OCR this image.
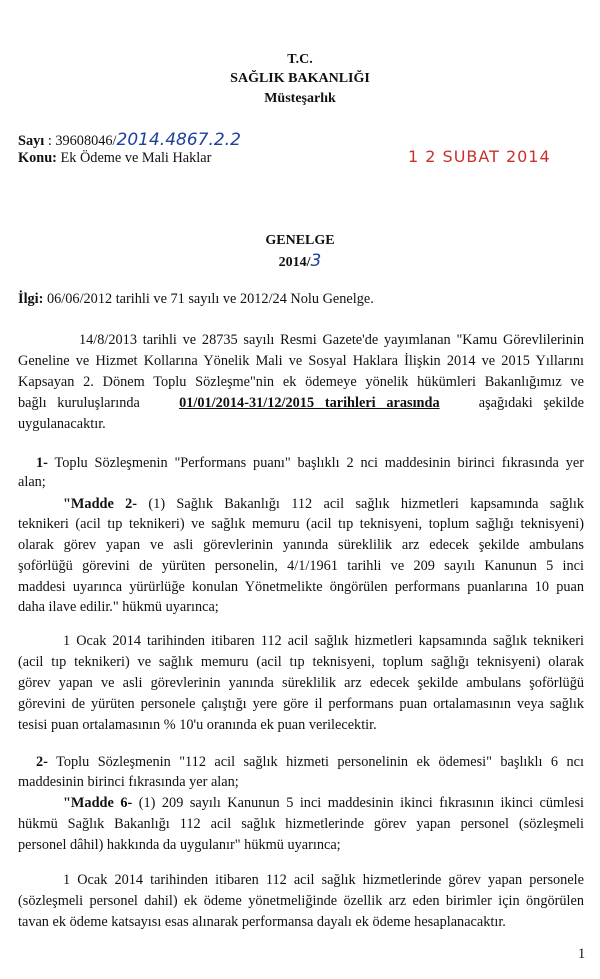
T.C.
SAĞLIK BAKANLIĞI
Müsteşarlık
Sayı : 39608046/2014.4867.2.2
Konu: Ek Ödeme ve Mali Haklar	1 2 SUBAT 2014
GENELGE
2014/3
İlgi: 06/06/2012 tarihli ve 71 sayılı ve 2012/24 Nolu Genelge.
14/8/2013 tarihli ve 28735 sayılı Resmi Gazete'de yayımlanan "Kamu Görevlilerinin
Geneline ve Hizmet Kollarına Yönelik Mali ve Sosyal Haklara İlişkin 2014 ve 2015 Yıllarını
Kapsayan 2. Dönem Toplu Sözleşme"nin ek ödemeye yönelik hükümleri Bakanlığımız ve
bağlı   kuruluşlarında	01/01/2014-31/12/2015   tarihleri   arasında	aşağıdaki   şekilde
uygulanacaktır.
1- Toplu Sözleşmenin "Performans puanı" başlıklı 2 nci maddesinin birinci fıkrasında yer
alan;
"Madde 2- (1) Sağlık Bakanlığı 112 acil sağlık hizmetleri kapsamında sağlık
teknikeri (acil tıp teknikeri) ve sağlık memuru (acil tıp teknisyeni, toplum sağlığı teknisyeni)
olarak görev yapan ve asli görevlerinin yanında süreklilik arz edecek şekilde ambulans
şoförlüğü görevini de yürüten personelin, 4/1/1961 tarihli ve 209 sayılı Kanunun 5 inci
maddesi uyarınca yürürlüğe konulan Yönetmelikte öngörülen performans puanlarına 10 puan
daha ilave edilir." hükmü uyarınca;
1 Ocak 2014 tarihinden itibaren 112 acil sağlık hizmetleri kapsamında sağlık teknikeri
(acil tıp teknikeri) ve sağlık memuru (acil tıp teknisyeni, toplum sağlığı teknisyeni) olarak
görev yapan ve asli görevlerinin yanında süreklilik arz edecek şekilde ambulans şoförlüğü
görevini de yürüten personele çalıştığı yere göre il performans puan ortalamasının veya sağlık
tesisi puan ortalamasının % 10'u oranında ek puan verilecektir.
2- Toplu Sözleşmenin "112 acil sağlık hizmeti personelinin ek ödemesi" başlıklı 6 ncı
maddesinin birinci fıkrasında yer alan;
"Madde 6- (1) 209 sayılı Kanunun 5 inci maddesinin ikinci fıkrasının ikinci cümlesi
hükmü Sağlık Bakanlığı 112 acil sağlık hizmetlerinde görev yapan personel (sözleşmeli
personel dâhil) hakkında da uygulanır" hükmü uyarınca;
1 Ocak 2014 tarihinden itibaren 112 acil sağlık hizmetlerinde görev yapan personele
(sözleşmeli personel dahil) ek ödeme yönetmeliğinde özellik arz eden birimler için öngörülen
tavan ek ödeme katsayısı esas alınarak performansa dayalı ek ödeme hesaplanacaktır.
1
